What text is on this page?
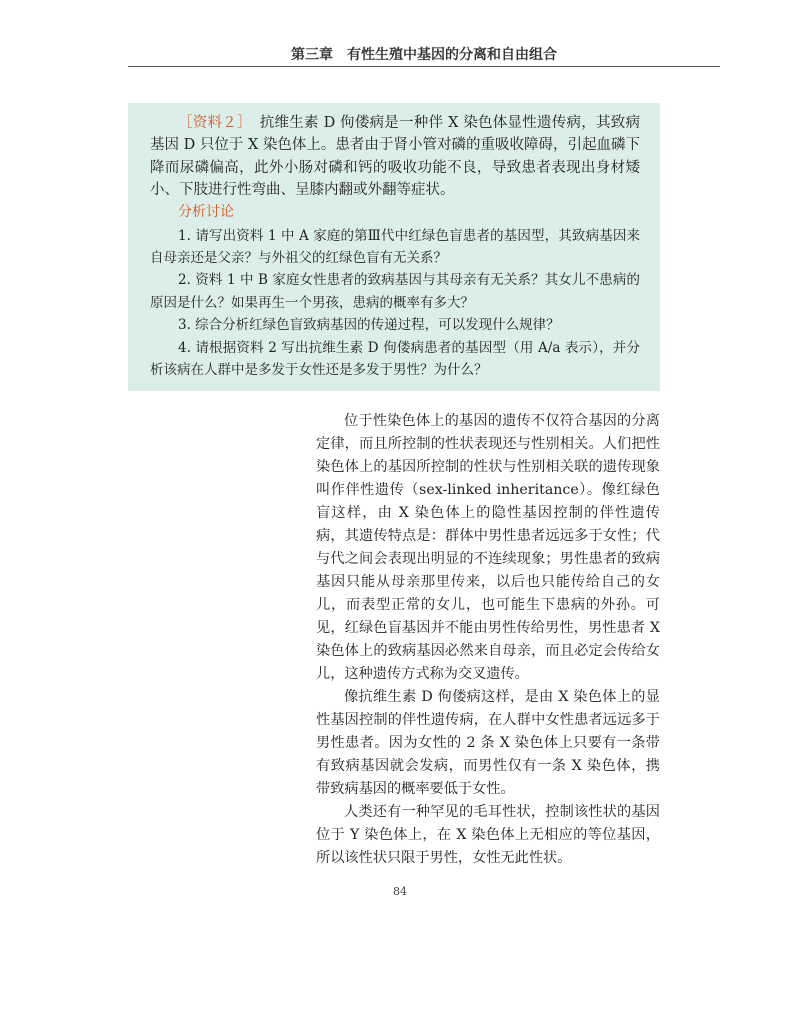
第三章　有性生殖中基因的分离和自由组合

［资料２］ 抗维生素 D 佝偻病是一种伴 X 染色体显性遗传病，其致病基因 D 只位于 X 染色体上。患者由于肾小管对磷的重吸收障碍，引起血磷下降而尿磷偏高，此外小肠对磷和钙的吸收功能不良，导致患者表现出身材矮小、下肢进行性弯曲、呈膝内翻或外翻等症状。

分析讨论

1. 请写出资料 1 中 A 家庭的第Ⅲ代中红绿色盲患者的基因型，其致病基因来自母亲还是父亲？与外祖父的红绿色盲有无关系？

2. 资料 1 中 B 家庭女性患者的致病基因与其母亲有无关系？其女儿不患病的原因是什么？如果再生一个男孩，患病的概率有多大？

3. 综合分析红绿色盲致病基因的传递过程，可以发现什么规律？

4. 请根据资料 2 写出抗维生素 D 佝偻病患者的基因型（用 A/a 表示），并分析该病在人群中是多发于女性还是多发于男性？为什么？

位于性染色体上的基因的遗传不仅符合基因的分离定律，而且所控制的性状表现还与性别相关。人们把性染色体上的基因所控制的性状与性别相关联的遗传现象叫作伴性遗传（sex-linked inheritance）。像红绿色盲这样，由 X 染色体上的隐性基因控制的伴性遗传病，其遗传特点是：群体中男性患者远远多于女性；代与代之间会表现出明显的不连续现象；男性患者的致病基因只能从母亲那里传来，以后也只能传给自己的女儿，而表型正常的女儿，也可能生下患病的外孙。可见，红绿色盲基因并不能由男性传给男性，男性患者 X 染色体上的致病基因必然来自母亲，而且必定会传给女儿，这种遗传方式称为交叉遗传。

像抗维生素 D 佝偻病这样，是由 X 染色体上的显性基因控制的伴性遗传病，在人群中女性患者远远多于男性患者。因为女性的 2 条 X 染色体上只要有一条带有致病基因就会发病，而男性仅有一条 X 染色体，携带致病基因的概率要低于女性。

人类还有一种罕见的毛耳性状，控制该性状的基因位于 Y 染色体上，在 X 染色体上无相应的等位基因，所以该性状只限于男性，女性无此性状。

84
